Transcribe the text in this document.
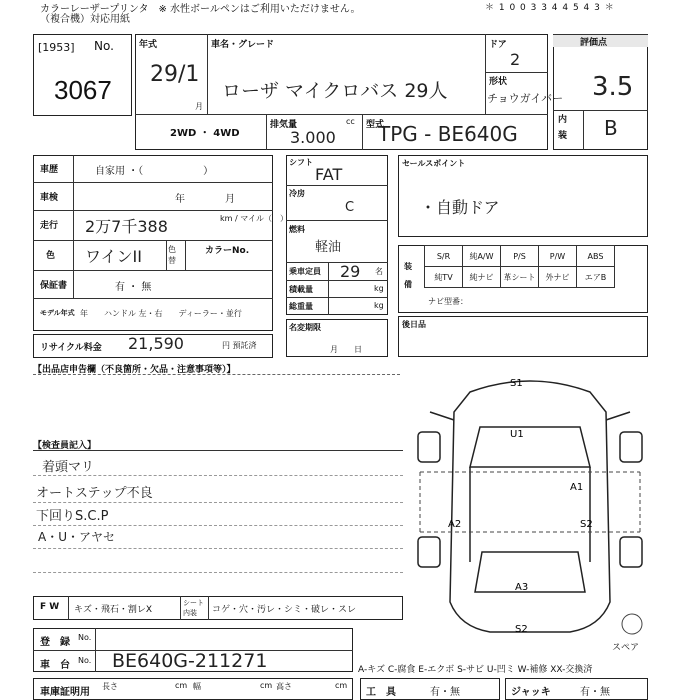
カラーレーザープリンタ　※ 水性ボールペンはご利用いただけません。
（複合機）対応用紙
＊ 1 0 0 3 3 4 4 5 4 3 ＊
[1953] No.
3067
年式
29/1
月
車名・グレード
ローザ マイクロバス 29人
ドア
2
形状
チョウガイバー
2WD ・ 4WD
排気量	cc
3.000
型式
TPG - BE640G
評価点
3.5
内
装 B
車歴	自家用 ・（　　　　　　）
車検	年　　　　月
走行 2万7千388	km / マイル（　）
色 ワインII	色替
カラーNo.
保証書	有 ・ 無
モデル年式 年　　ハンドル 左・右　　ディーラー・並行
リサイクル料金 21,590	円 預託済
シフト
FAT
冷房
C
燃料
軽油
乗車定員 29 名
積載量	kg
総重量	kg
名変期限
月　　日
セールスポイント
・自動ドア
装備
S/R	純A/W	P/S	P/W	ABS
純TV	純ナビ	革シート	外ナビ	エアB
ナビ型番：
後日品
【出品店申告欄（不良箇所・欠品・注意事項等）】
【検査員記入】
着頭マリ
オートステップ不良
下回りS.C.P
A・U・アヤセ
S1
U1
A1
A2	S2
A3
S2
スペア
F W キズ・飛石・割レX
シート内装	コゲ・穴・汚レ・シミ・破レ・スレ
登　録 No.
車　台 No. BE640G-211271	A-キズ C-腐食 E-エクボ S-サビ U-凹ミ W-補修 XX-交換済
車庫証明用
長さ	cm 幅	cm 高さ	cm
工　具	有・無	ジャッキ	有・無
